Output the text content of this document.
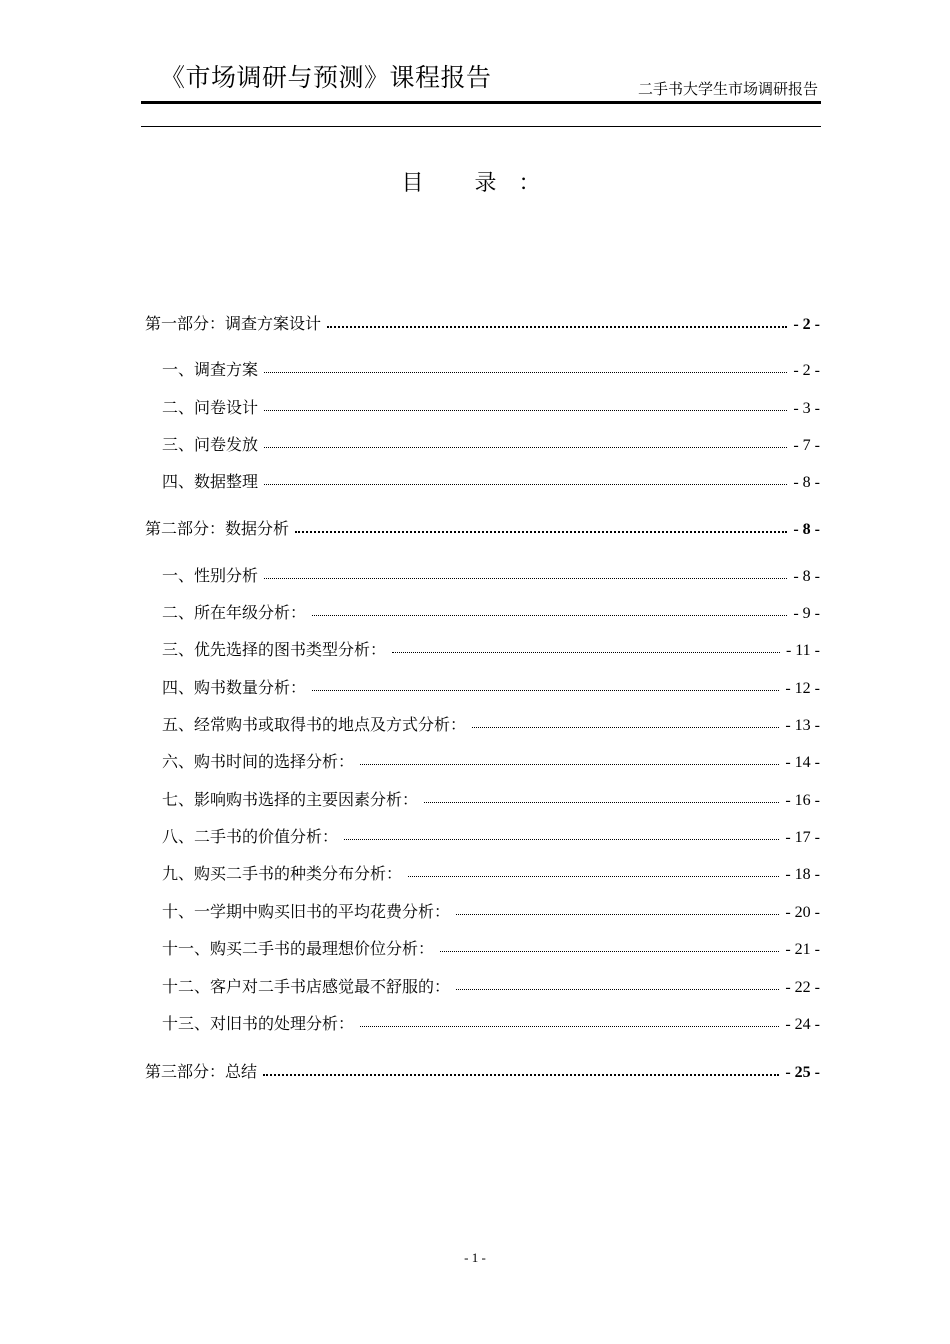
《市场调研与预测》课程报告	二手书大学生市场调研报告
目 录：
第一部分：调查方案设计	- 2 -
一、调查方案	- 2 -
二、问卷设计	- 3 -
三、问卷发放	- 7 -
四、数据整理	- 8 -
第二部分：数据分析	- 8 -
一、性别分析	- 8 -
二、所在年级分析：	- 9 -
三、优先选择的图书类型分析：	- 11 -
四、购书数量分析：	- 12 -
五、经常购书或取得书的地点及方式分析：	- 13 -
六、购书时间的选择分析：	- 14 -
七、影响购书选择的主要因素分析：	- 16 -
八、二手书的价值分析：	- 17 -
九、购买二手书的种类分布分析：	- 18 -
十、一学期中购买旧书的平均花费分析：	- 20 -
十一、购买二手书的最理想价位分析：	- 21 -
十二、客户对二手书店感觉最不舒服的：	- 22 -
十三、对旧书的处理分析：	- 24 -
第三部分：总结	- 25 -
- 1 -
